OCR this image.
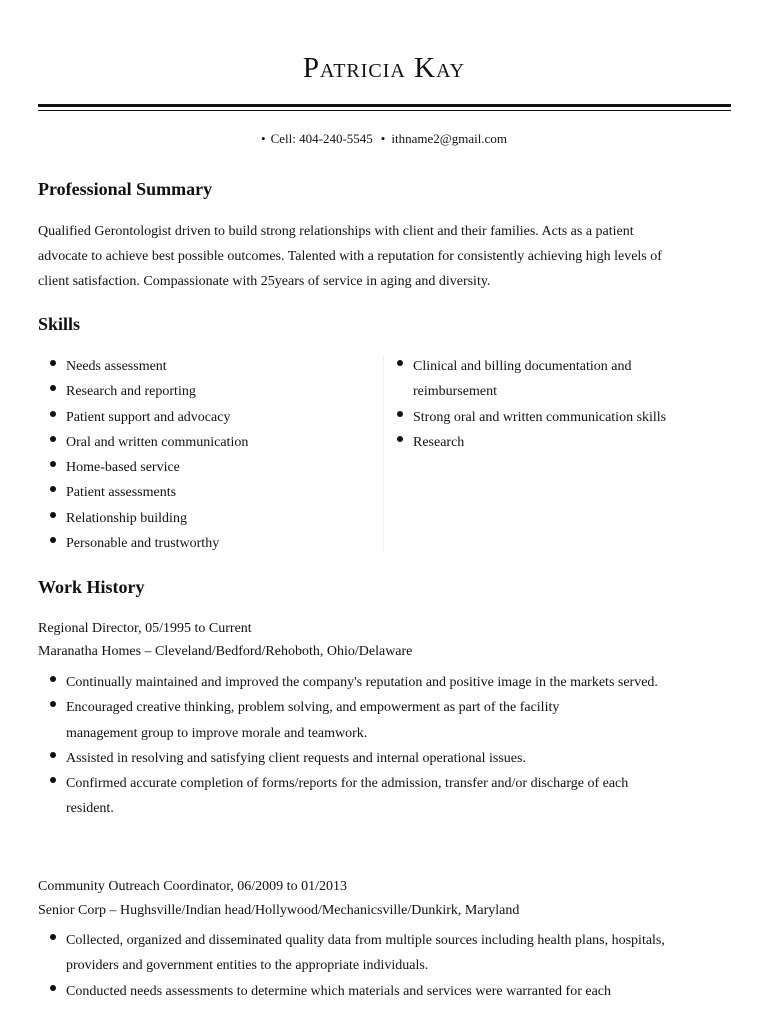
Patricia Kay
• Cell: 404-240-5545 • ithname2@gmail.com
Professional Summary
Qualified Gerontologist driven to build strong relationships with client and their families. Acts as a patient advocate to achieve best possible outcomes. Talented with a reputation for consistently achieving high levels of client satisfaction. Compassionate with 25years of service in aging and diversity.
Skills
Needs assessment
Research and reporting
Patient support and advocacy
Oral and written communication
Home-based service
Patient assessments
Relationship building
Personable and trustworthy
Clinical and billing documentation and reimbursement
Strong oral and written communication skills
Research
Work History
Regional Director, 05/1995 to Current
Maranatha Homes – Cleveland/Bedford/Rehoboth, Ohio/Delaware
Continually maintained and improved the company's reputation and positive image in the markets served.
Encouraged creative thinking, problem solving, and empowerment as part of the facility management group to improve morale and teamwork.
Assisted in resolving and satisfying client requests and internal operational issues.
Confirmed accurate completion of forms/reports for the admission, transfer and/or discharge of each resident.
Community Outreach Coordinator, 06/2009 to 01/2013
Senior Corp – Hughsville/Indian head/Hollywood/Mechanicsville/Dunkirk, Maryland
Collected, organized and disseminated quality data from multiple sources including health plans, hospitals, providers and government entities to the appropriate individuals.
Conducted needs assessments to determine which materials and services were warranted for each
